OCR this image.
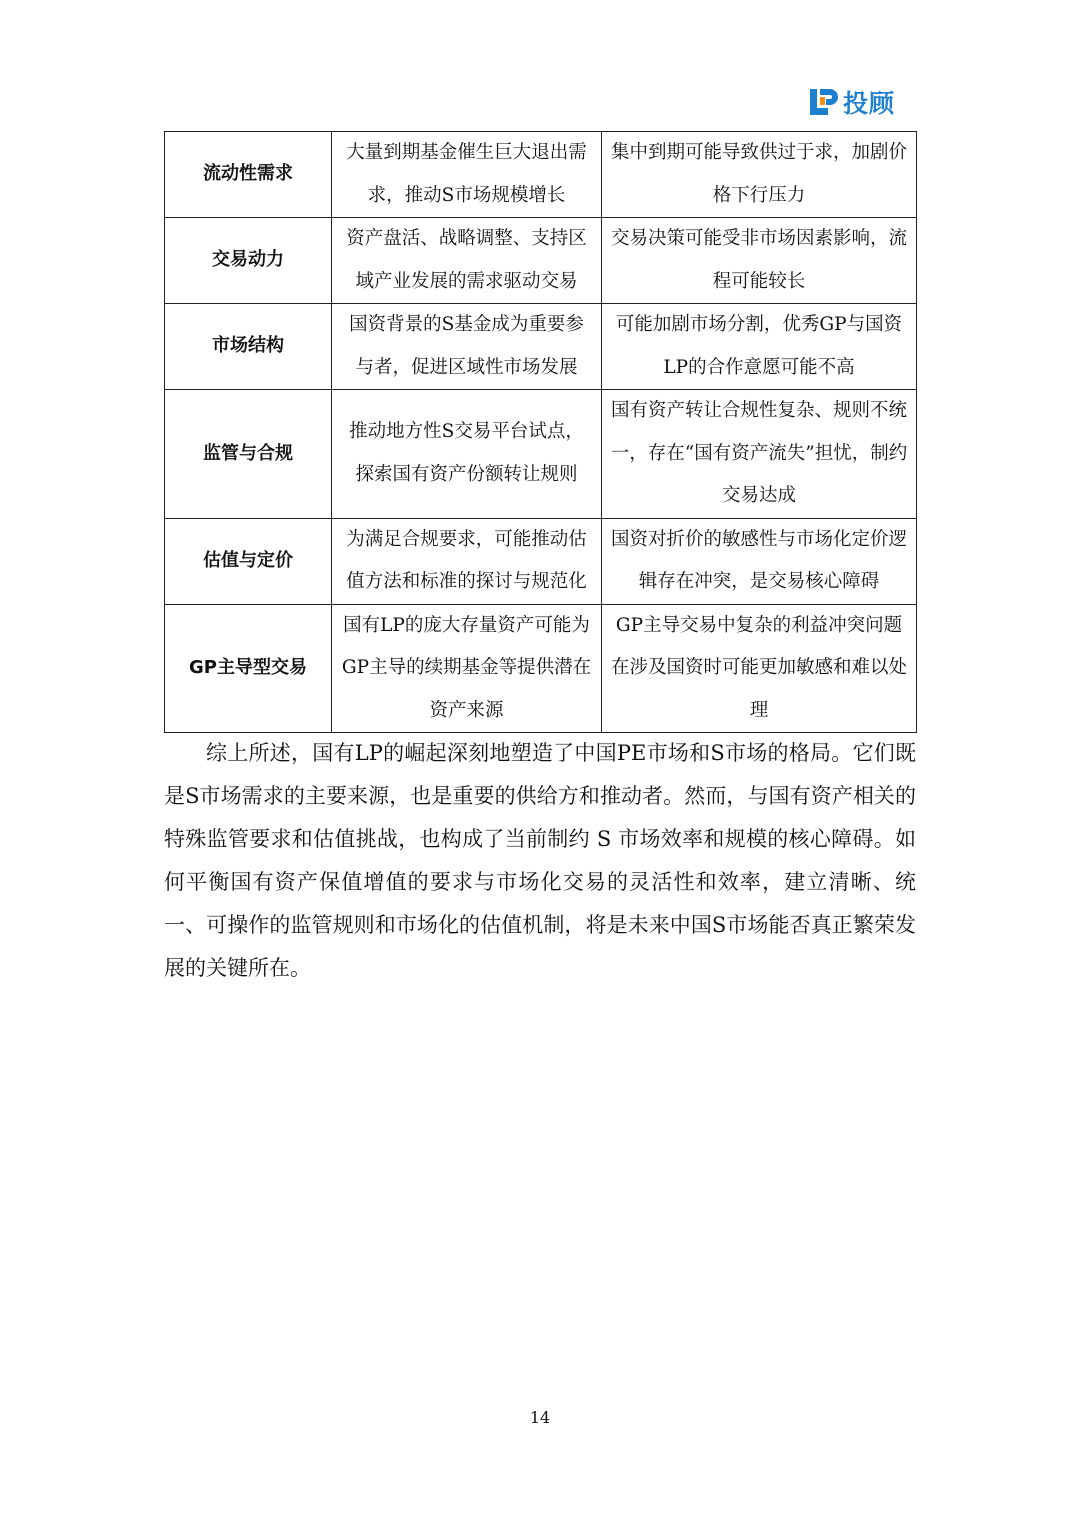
投顾
流动性需求	大量到期基金催生巨大退出需求，推动S市场规模增长	集中到期可能导致供过于求，加剧价格下行压力
交易动力	资产盘活、战略调整、支持区域产业发展的需求驱动交易	交易决策可能受非市场因素影响，流程可能较长
市场结构	国资背景的S基金成为重要参与者，促进区域性市场发展	可能加剧市场分割，优秀GP与国资LP的合作意愿可能不高
监管与合规	推动地方性S交易平台试点，探索国有资产份额转让规则	国有资产转让合规性复杂、规则不统一，存在“国有资产流失”担忧，制约交易达成
估值与定价	为满足合规要求，可能推动估值方法和标准的探讨与规范化	国资对折价的敏感性与市场化定价逻辑存在冲突，是交易核心障碍
GP主导型交易	国有LP的庞大存量资产可能为GP主导的续期基金等提供潜在资产来源	GP主导交易中复杂的利益冲突问题在涉及国资时可能更加敏感和难以处理
综上所述，国有LP的崛起深刻地塑造了中国PE市场和S市场的格局。它们既是S市场需求的主要来源，也是重要的供给方和推动者。然而，与国有资产相关的特殊监管要求和估值挑战，也构成了当前制约 S 市场效率和规模的核心障碍。如何平衡国有资产保值增值的要求与市场化交易的灵活性和效率，建立清晰、统一、可操作的监管规则和市场化的估值机制，将是未来中国S市场能否真正繁荣发展的关键所在。
14
